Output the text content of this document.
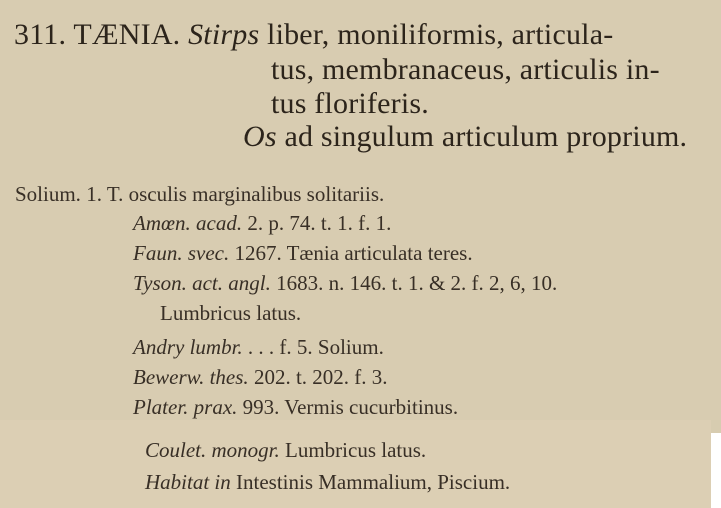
311. TÆNIA. Stirps liber, moniliformis, articula-
tus, membranaceus, articulis in-
tus floriferis.
Os ad singulum articulum proprium.
Solium. 1. T. osculis marginalibus solitariis.
Amœn. acad. 2. p. 74. t. 1. f. 1.
Faun. svec. 1267. Tænia articulata teres.
Tyson. act. angl. 1683. n. 146. t. 1. & 2. f. 2, 6, 10.
Lumbricus latus.
Andry lumbr. . . . f. 5. Solium.
Bewerw. thes. 202. t. 202. f. 3.
Plater. prax. 993. Vermis cucurbitinus.
Coulet. monogr. Lumbricus latus.
Habitat in Intestinis Mammalium, Piscium.
